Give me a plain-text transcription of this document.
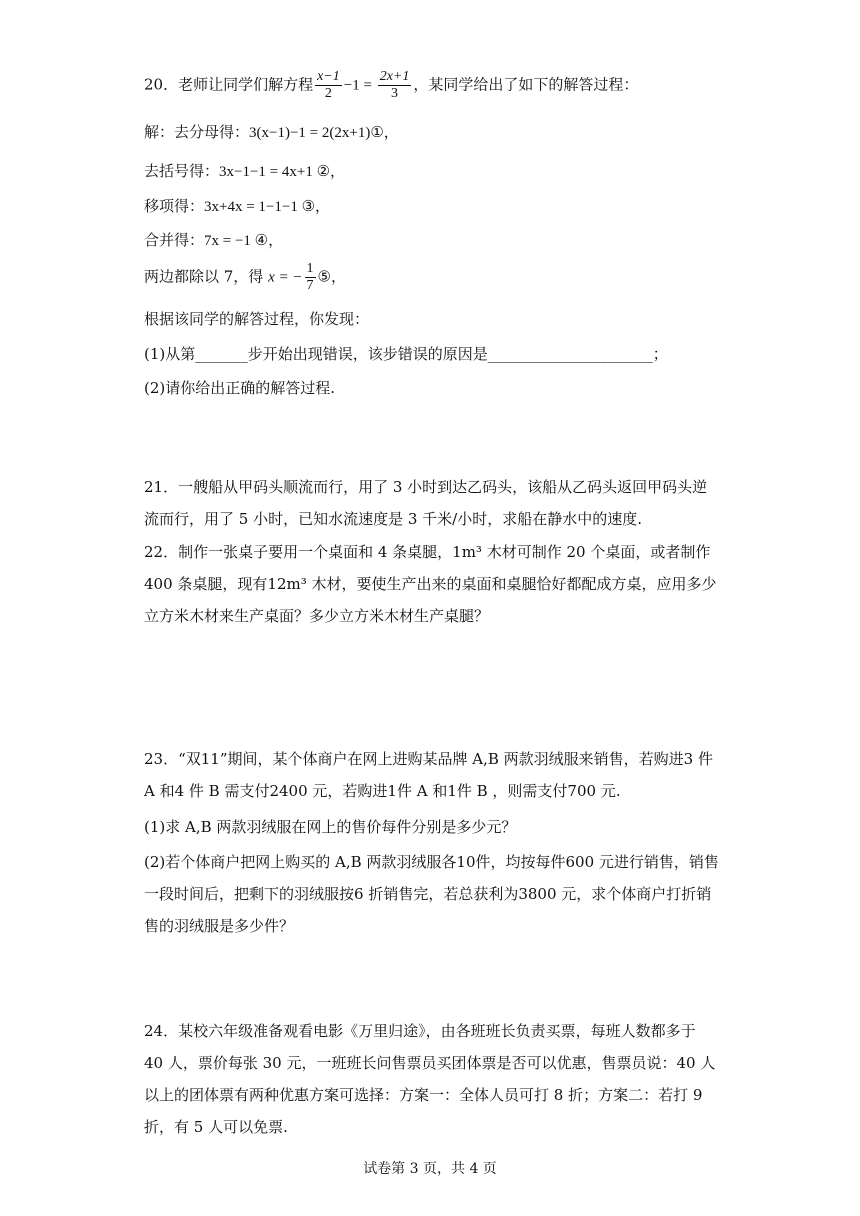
20．老师让同学们解方程 $\frac{x-1}{2} -1 = \frac{2x+1}{3}$ ，某同学给出了如下的解答过程：
解：去分母得：3(x−1)−1 = 2(2x+1)①，
去括号得：3x−1−1 = 4x+1 ②，
移项得：3x+4x = 1−1−1 ③，
合并得：7x = −1 ④，
两边都除以 7，得 x = − $\frac{1}{7}$ ⑤，
根据该同学的解答过程，你发现：
(1)从第_______步开始出现错误，该步错误的原因是______________________；
(2)请你给出正确的解答过程.
21．一艘船从甲码头顺流而行，用了 3 小时到达乙码头，该船从乙码头返回甲码头逆流而行，用了 5 小时，已知水流速度是 3 千米/小时，求船在静水中的速度.
22．制作一张桌子要用一个桌面和 4 条桌腿，1m³ 木材可制作 20 个桌面，或者制作 400 条桌腿，现有12m³ 木材，要使生产出来的桌面和桌腿恰好都配成方桌，应用多少立方米木材来生产桌面？多少立方米木材生产桌腿？
23．“双11”期间，某个体商户在网上进购某品牌 A,B 两款羽绒服来销售，若购进3 件 A 和4 件 B 需支付2400 元，若购进1件 A 和1件 B ，则需支付700 元.
(1)求 A,B 两款羽绒服在网上的售价每件分别是多少元？
(2)若个体商户把网上购买的 A,B 两款羽绒服各10件，均按每件600 元进行销售，销售一段时间后，把剩下的羽绒服按6 折销售完，若总获利为3800 元，求个体商户打折销售的羽绒服是多少件？
24．某校六年级准备观看电影《万里归途》，由各班班长负责买票，每班人数都多于 40 人，票价每张 30 元，一班班长问售票员买团体票是否可以优惠，售票员说：40 人以上的团体票有两种优惠方案可选择：方案一：全体人员可打 8 折；方案二：若打 9 折，有 5 人可以免票.
试卷第 3 页，共 4 页
